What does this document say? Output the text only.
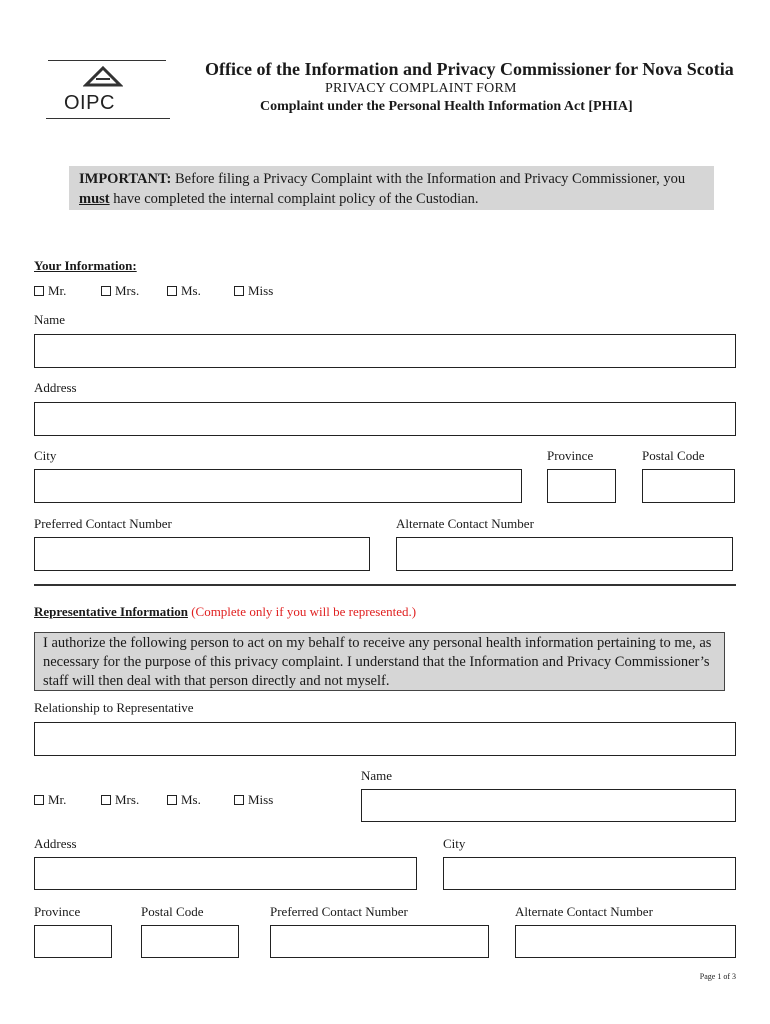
OIPC
Office of the Information and Privacy Commissioner for Nova Scotia
PRIVACY COMPLAINT FORM
Complaint under the Personal Health Information Act [PHIA]
IMPORTANT: Before filing a Privacy Complaint with the Information and Privacy Commissioner, you must have completed the internal complaint policy of the Custodian.
Your Information:
Mr.	Mrs.	Ms.	Miss
Name
Address
City	Province	Postal Code
Preferred Contact Number	Alternate Contact Number
Representative Information (Complete only if you will be represented.)
I authorize the following person to act on my behalf to receive any personal health information pertaining to me, as necessary for the purpose of this privacy complaint. I understand that the Information and Privacy Commissioner’s staff will then deal with that person directly and not myself.
Relationship to Representative
Name
Mr.	Mrs.	Ms.	Miss
Address	City
Province	Postal Code	Preferred Contact Number	Alternate Contact Number
Page 1 of 3
